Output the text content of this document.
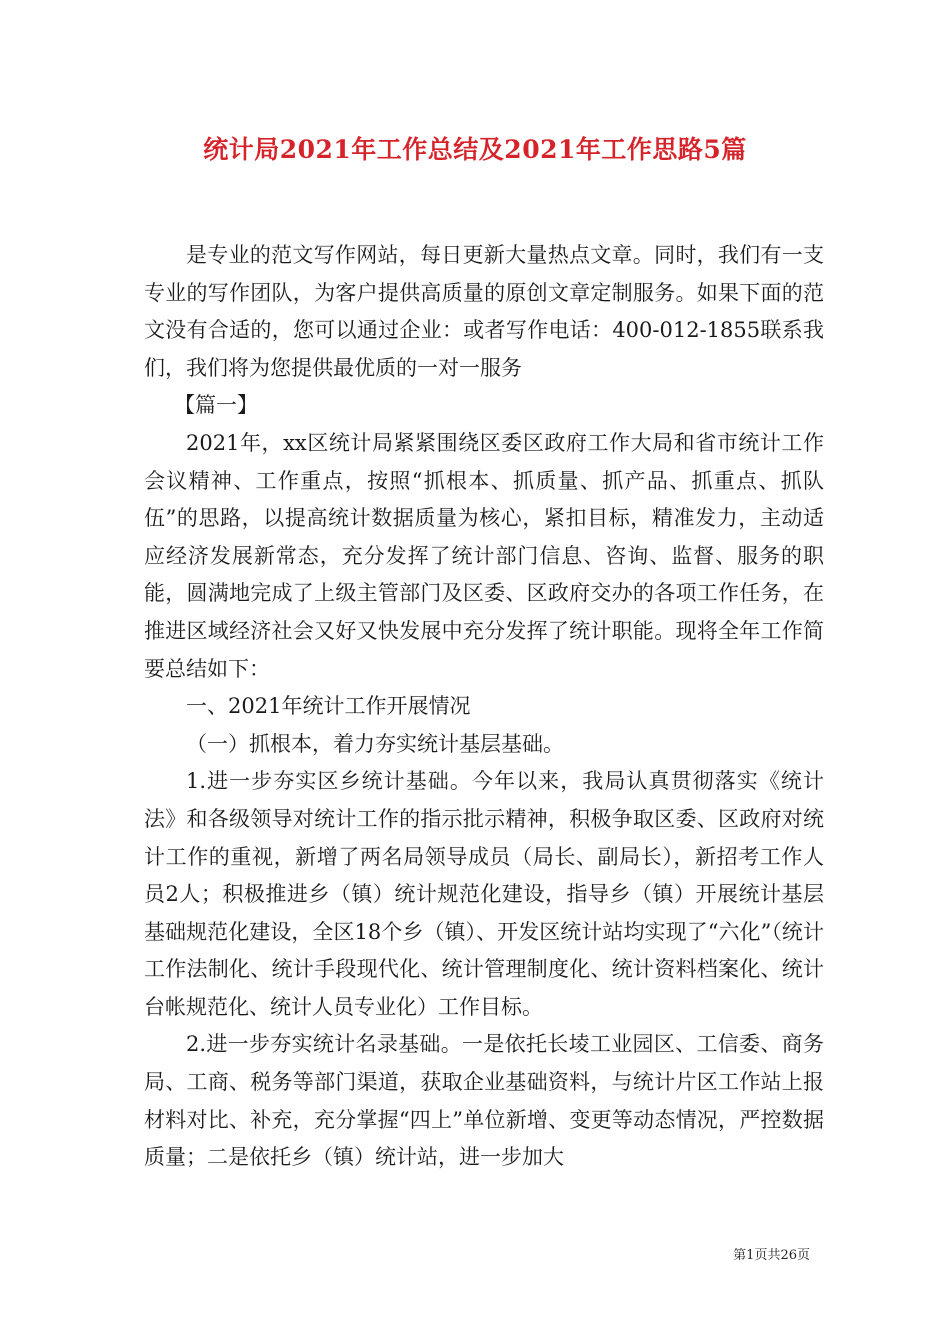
统计局2021年工作总结及2021年工作思路5篇

是专业的范文写作网站，每日更新大量热点文章。同时，我们有一支专业的写作团队，为客户提供高质量的原创文章定制服务。如果下面的范文没有合适的，您可以通过企业：或者写作电话：400-012-1855联系我们，我们将为您提供最优质的一对一服务

【篇一】

2021年，xx区统计局紧紧围绕区委区政府工作大局和省市统计工作会议精神、工作重点，按照“抓根本、抓质量、抓产品、抓重点、抓队伍”的思路，以提高统计数据质量为核心，紧扣目标，精准发力，主动适应经济发展新常态，充分发挥了统计部门信息、咨询、监督、服务的职能，圆满地完成了上级主管部门及区委、区政府交办的各项工作任务，在推进区域经济社会又好又快发展中充分发挥了统计职能。现将全年工作简要总结如下：

一、2021年统计工作开展情况

（一）抓根本，着力夯实统计基层基础。

1.进一步夯实区乡统计基础。今年以来，我局认真贯彻落实《统计法》和各级领导对统计工作的指示批示精神，积极争取区委、区政府对统计工作的重视，新增了两名局领导成员（局长、副局长），新招考工作人员2人；积极推进乡（镇）统计规范化建设，指导乡（镇）开展统计基层基础规范化建设，全区18个乡（镇）、开发区统计站均实现了“六化”（统计工作法制化、统计手段现代化、统计管理制度化、统计资料档案化、统计台帐规范化、统计人员专业化）工作目标。

2.进一步夯实统计名录基础。一是依托长堎工业园区、工信委、商务局、工商、税务等部门渠道，获取企业基础资料，与统计片区工作站上报材料对比、补充，充分掌握“四上”单位新增、变更等动态情况，严控数据质量；二是依托乡（镇）统计站，进一步加大

第1页共26页
